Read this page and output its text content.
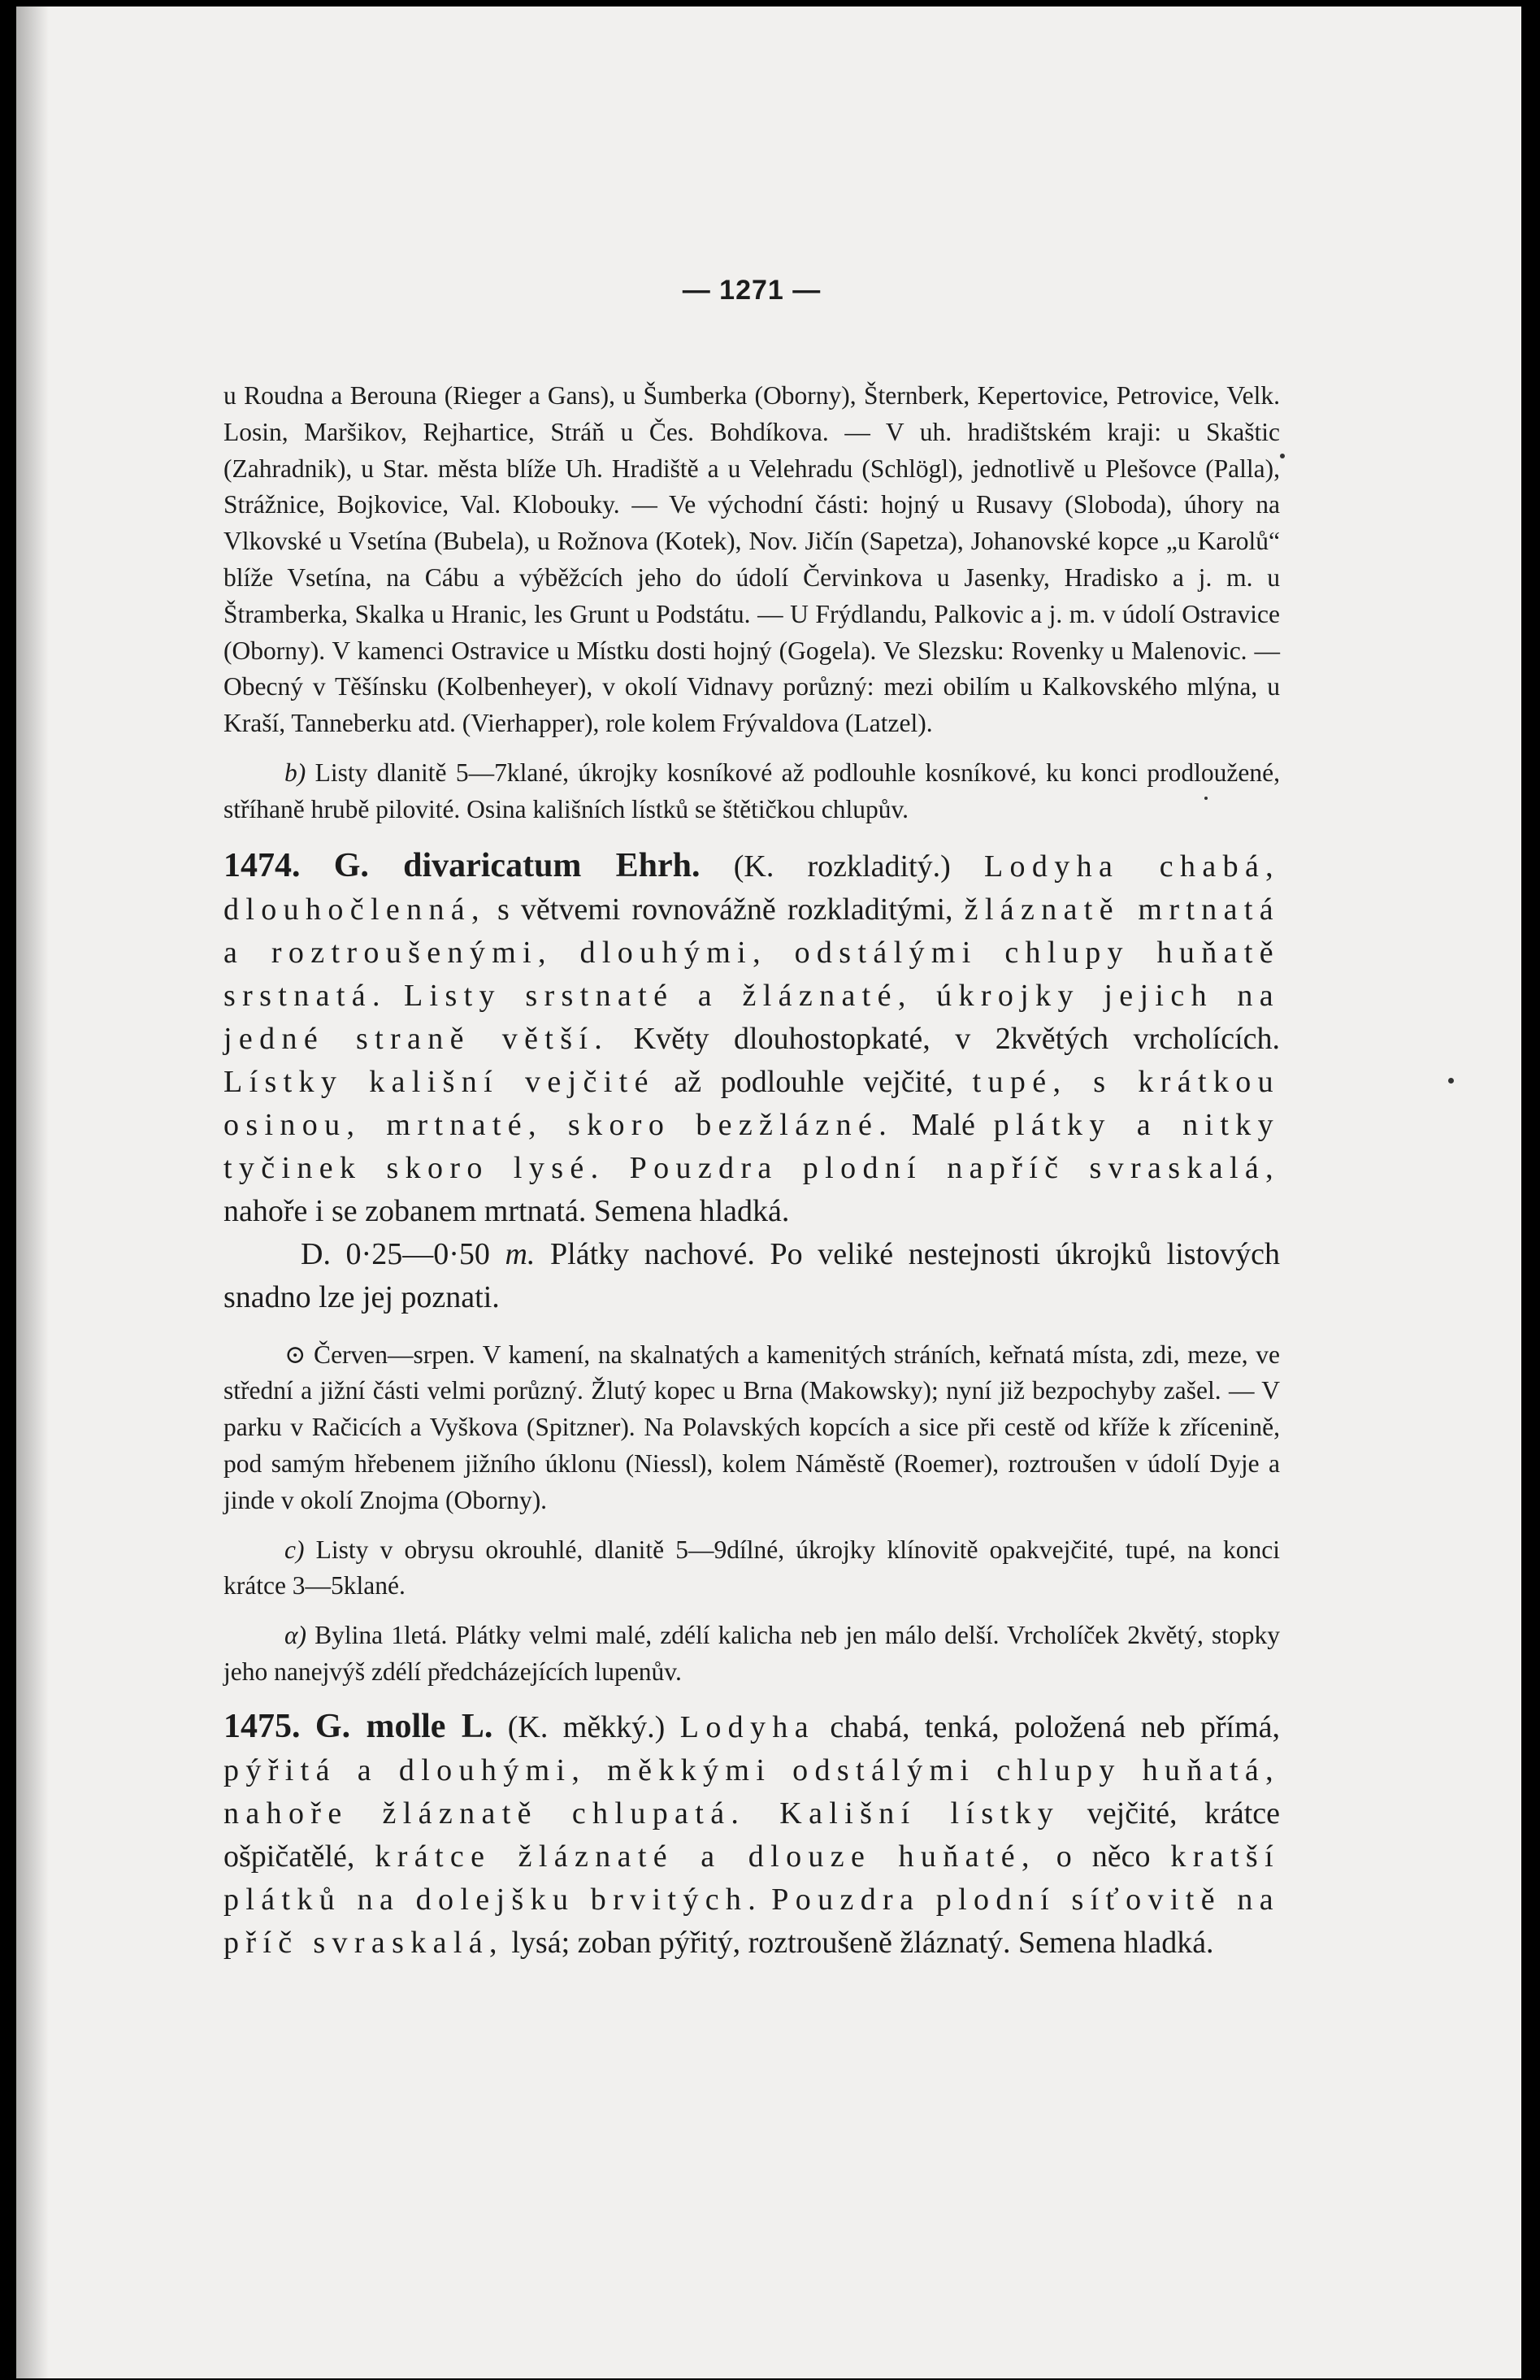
— 1271 —

u Roudna a Berouna (Rieger a Gans), u Šumberka (Oborny), Šternberk, Kepertovice, Petrovice, Velk. Losin, Maršikov, Rejhartice, Stráň u Čes. Bohdíkova. — V uh. hradištském kraji: u Skaštic (Zahradnik), u Star. města blíže Uh. Hradiště a u Velehradu (Schlögl), jednotlivě u Plešovce (Palla), Strážnice, Bojkovice, Val. Klobouky. — Ve východní části: hojný u Rusavy (Sloboda), úhory na Vlkovské u Vsetína (Bubela), u Rožnova (Kotek), Nov. Jičín (Sapetza), Johanovské kopce „u Karolů“ blíže Vsetína, na Cábu a výběžcích jeho do údolí Červinkova u Jasenky, Hradisko a j. m. u Štramberka, Skalka u Hranic, les Grunt u Podstátu. — U Frýdlandu, Palkovic a j. m. v údolí Ostravice (Oborny). V kamenci Ostravice u Místku dosti hojný (Gogela). Ve Slezsku: Rovenky u Malenovic. — Obecný v Těšínsku (Kolbenheyer), v okolí Vidnavy porůzný: mezi obilím u Kalkovského mlýna, u Kraší, Tanneberku atd. (Vierhapper), role kolem Frývaldova (Latzel).

b) Listy dlanitě 5—7klané, úkrojky kosníkové až podlouhle kosníkové, ku konci prodloužené, stříhaně hrubě pilovité. Osina kališních lístků se štětičkou chlupův.

1474. G. divaricatum Ehrh. (K. rozkladitý.) Lodyha chabá, dlouhočlenná, s větvemi rovnovážně rozkladitými, žláznatě mrtnatá a roztroušenými, dlouhými, odstálými chlupy huňatě srstnatá. Listy srstnaté a žláznaté, úkrojky jejich na jedné straně větší. Květy dlouhostopkaté, v 2květých vrcholících. Lístky kališní vejčité až podlouhle vejčité, tupé, s krátkou osinou, mrtnaté, skoro bezžlázné. Malé plátky a nitky tyčinek skoro lysé. Pouzdra plodní napříč svraskalá, nahoře i se zobanem mrtnatá. Semena hladká.

D. 0·25—0·50 m. Plátky nachové. Po veliké nestejnosti úkrojků listových snadno lze jej poznati.

⊙ Červen—srpen. V kamení, na skalnatých a kamenitých stráních, keřnatá místa, zdi, meze, ve střední a jižní části velmi porůzný. Žlutý kopec u Brna (Makowsky); nyní již bezpochyby zašel. — V parku v Račicích a Vyškova (Spitzner). Na Polavských kopcích a sice při cestě od kříže k zřícenině, pod samým hřebenem jižního úklonu (Niessl), kolem Náměstě (Roemer), roztroušen v údolí Dyje a jinde v okolí Znojma (Oborny).

c) Listy v obrysu okrouhlé, dlanitě 5—9dílné, úkrojky klínovitě opakvejčité, tupé, na konci krátce 3—5klané.

α) Bylina 1letá. Plátky velmi malé, zdélí kalicha neb jen málo delší. Vrcholíček 2květý, stopky jeho nanejvýš zdélí předcházejících lupenův.

1475. G. molle L. (K. měkký.) Lodyha chabá, tenká, položená neb přímá, pýřitá a dlouhými, měkkými odstálými chlupy huňatá, nahoře žláznatě chlupatá. Kališní lístky vejčité, krátce ošpičatělé, krátce žláznaté a dlouze huňaté, o něco kratší plátků na dolejšku brvitých. Pouzdra plodní síťovitě na příč svraskalá, lysá; zoban pýřitý, roztroušeně žláznatý. Semena hladká.
